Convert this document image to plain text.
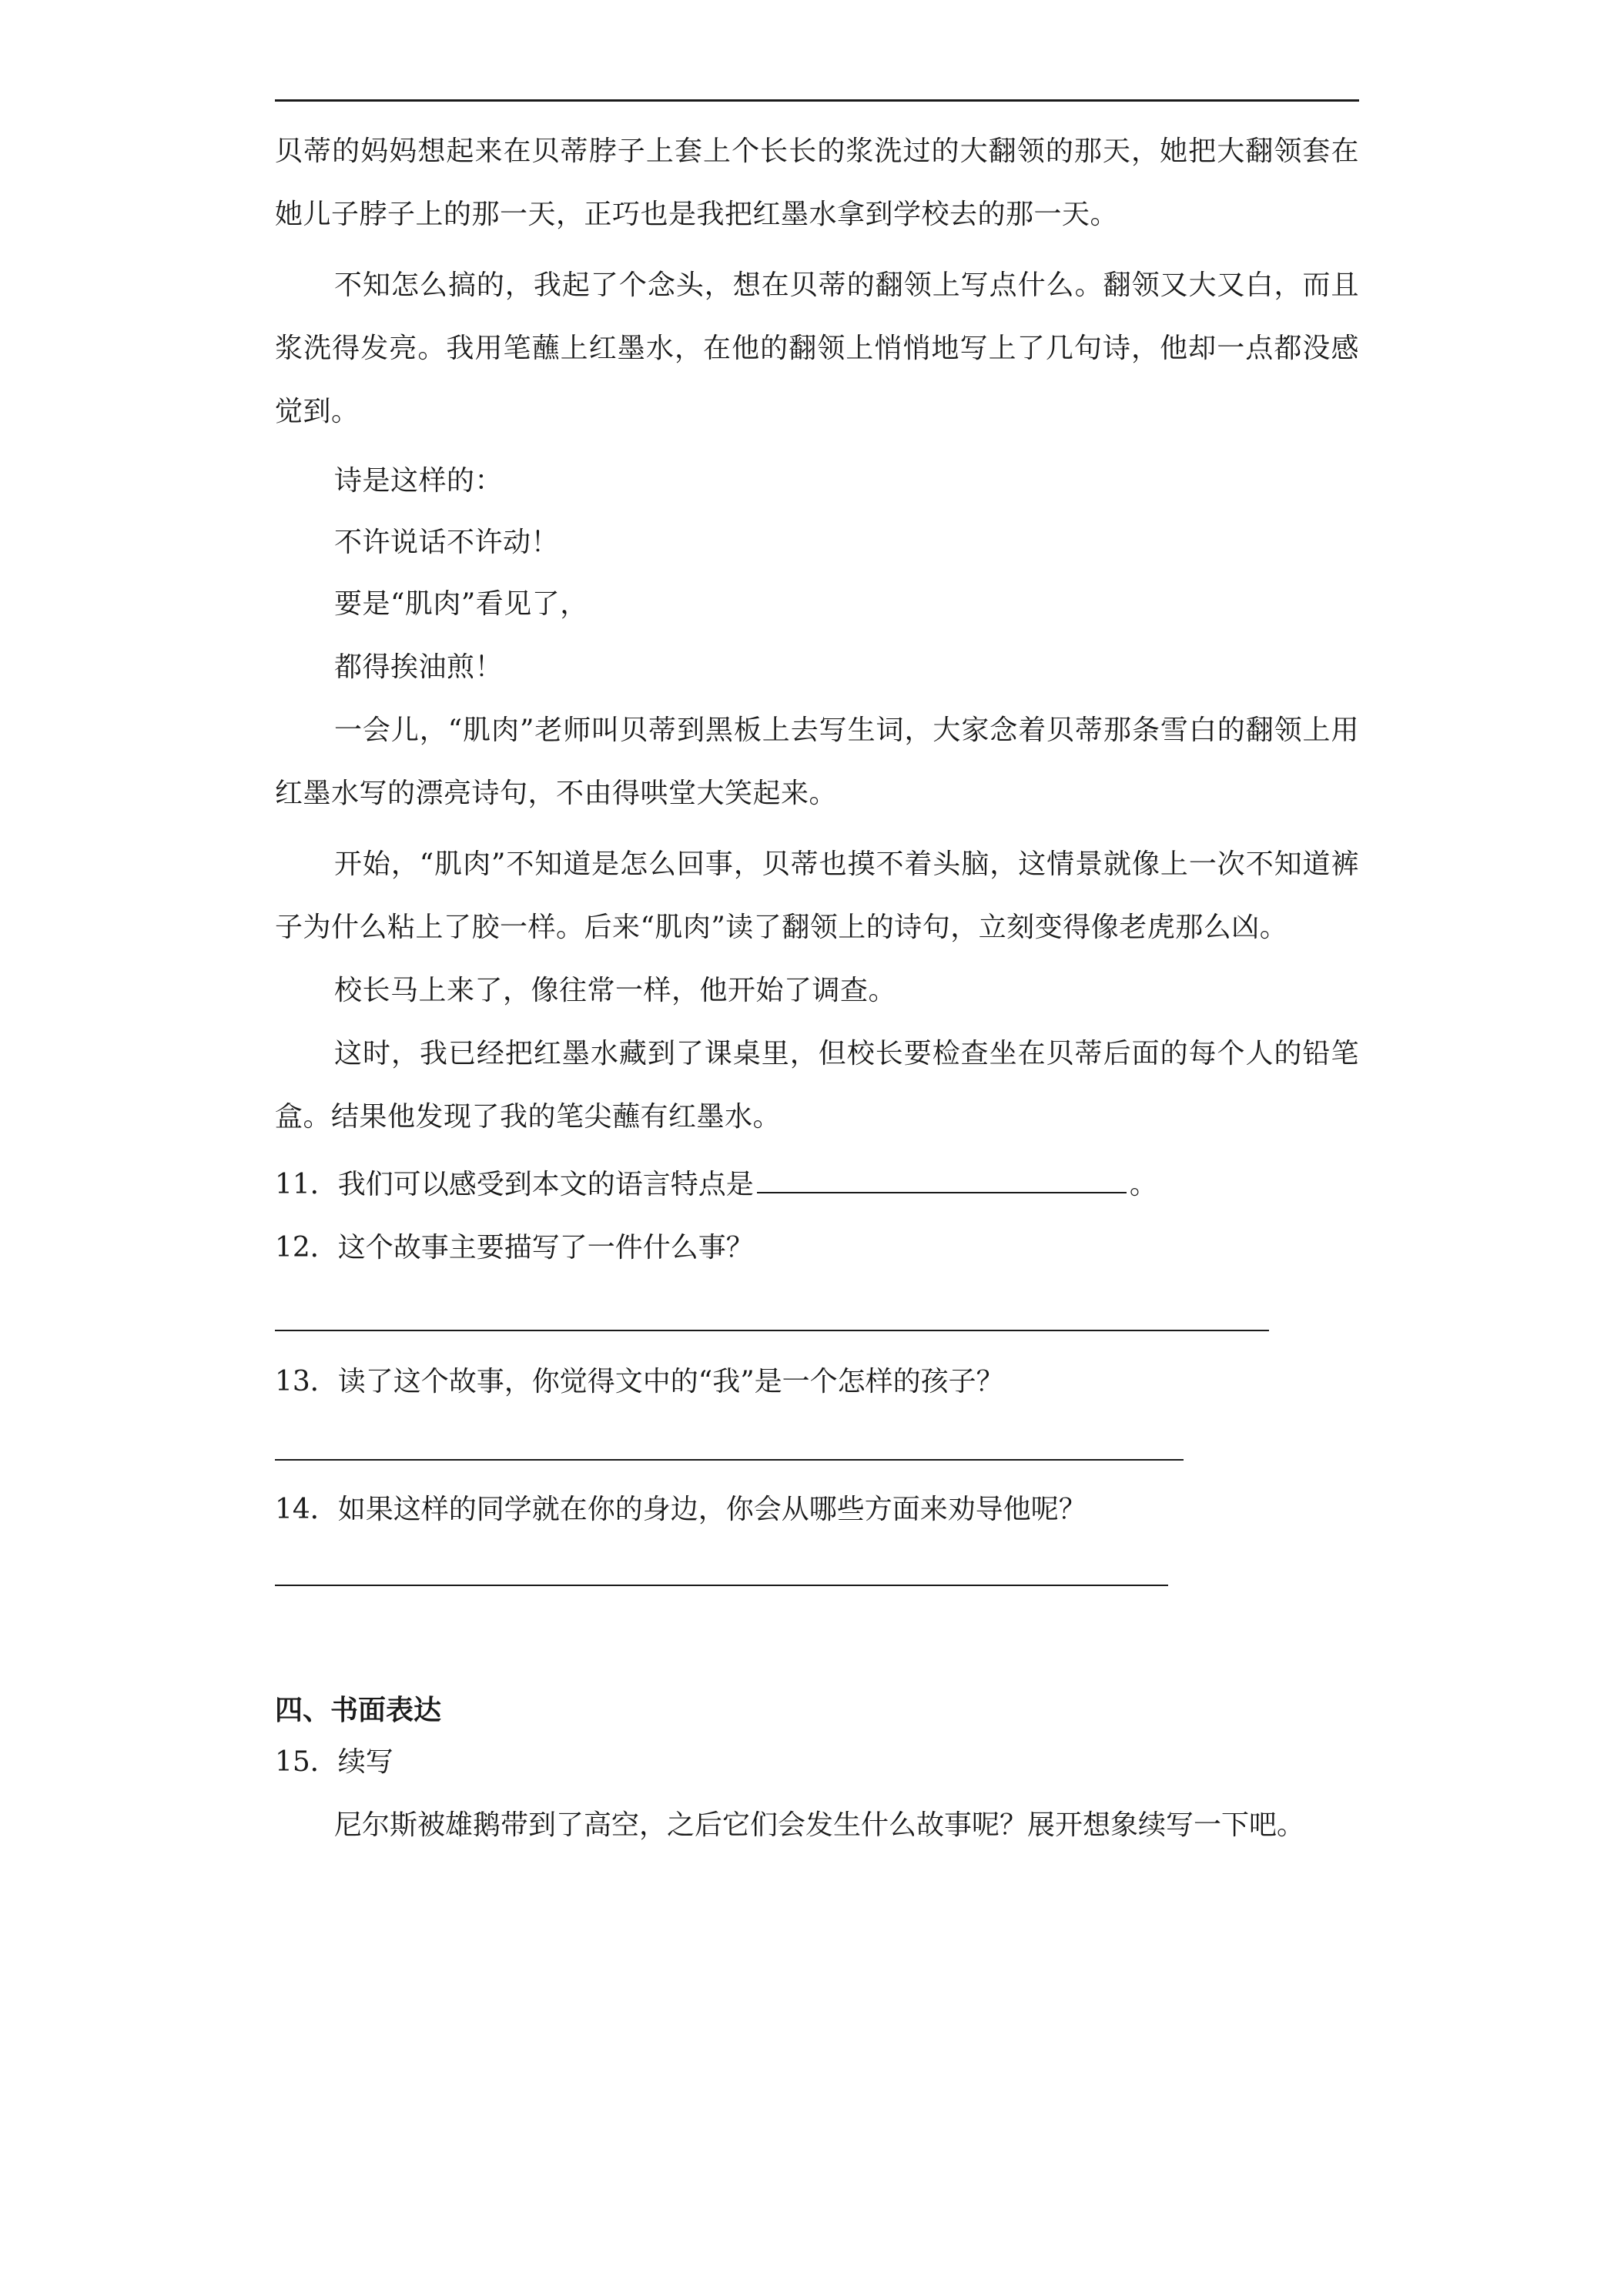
贝蒂的妈妈想起来在贝蒂脖子上套上个长长的浆洗过的大翻领的那天，她把大翻领套在她儿子脖子上的那一天，正巧也是我把红墨水拿到学校去的那一天。

不知怎么搞的，我起了个念头，想在贝蒂的翻领上写点什么。翻领又大又白，而且浆洗得发亮。我用笔蘸上红墨水，在他的翻领上悄悄地写上了几句诗，他却一点都没感觉到。

诗是这样的：
不许说话不许动！
要是“肌肉”看见了，
都得挨油煎！

一会儿，“肌肉”老师叫贝蒂到黑板上去写生词，大家念着贝蒂那条雪白的翻领上用红墨水写的漂亮诗句，不由得哄堂大笑起来。

开始，“肌肉”不知道是怎么回事，贝蒂也摸不着头脑，这情景就像上一次不知道裤子为什么粘上了胶一样。后来“肌肉”读了翻领上的诗句，立刻变得像老虎那么凶。

校长马上来了，像往常一样，他开始了调查。

这时，我已经把红墨水藏到了课桌里，但校长要检查坐在贝蒂后面的每个人的铅笔盒。结果他发现了我的笔尖蘸有红墨水。

11．我们可以感受到本文的语言特点是	。
12．这个故事主要描写了一件什么事？
13．读了这个故事，你觉得文中的“我”是一个怎样的孩子？
14．如果这样的同学就在你的身边，你会从哪些方面来劝导他呢？
四、书面表达
15．续写
尼尔斯被雄鹅带到了高空，之后它们会发生什么故事呢？展开想象续写一下吧。
